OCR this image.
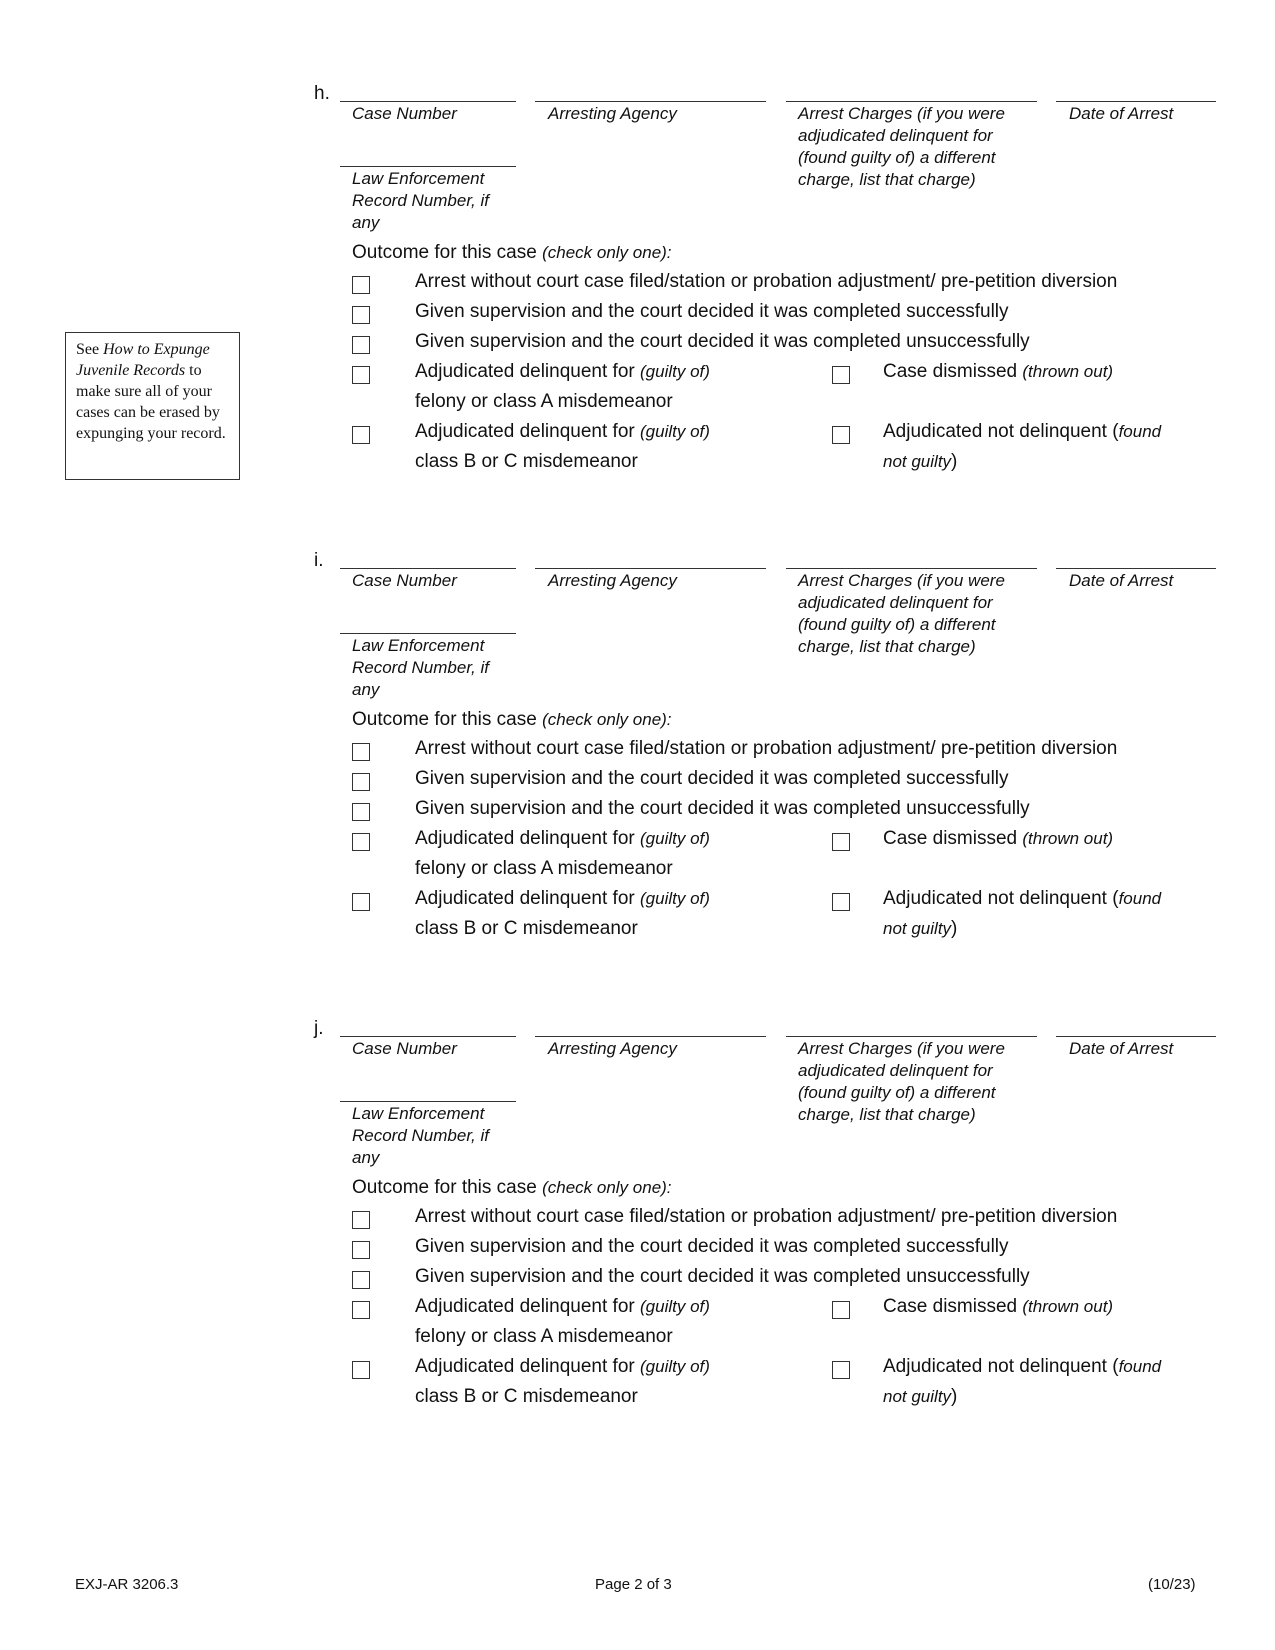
See How to Expunge Juvenile Records to make sure all of your cases can be erased by expunging your record.
h.
Case Number	Arresting Agency	Arrest Charges (if you were adjudicated delinquent for (found guilty of) a different charge, list that charge)
Date of Arrest
Law Enforcement Record Number, if any
Outcome for this case (check only one):
Arrest without court case filed/station or probation adjustment/ pre-petition diversion
Given supervision and the court decided it was completed successfully
Given supervision and the court decided it was completed unsuccessfully
Adjudicated delinquent for (guilty of)
felony or class A misdemeanor
Case dismissed (thrown out)
Adjudicated delinquent for (guilty of)
class B or C misdemeanor
Adjudicated not delinquent (found
not guilty)
i.
Case Number	Arresting Agency	Arrest Charges (if you were adjudicated delinquent for (found guilty of) a different charge, list that charge)
Date of Arrest
Law Enforcement Record Number, if any
Outcome for this case (check only one):
Arrest without court case filed/station or probation adjustment/ pre-petition diversion
Given supervision and the court decided it was completed successfully
Given supervision and the court decided it was completed unsuccessfully
Adjudicated delinquent for (guilty of)
felony or class A misdemeanor
Case dismissed (thrown out)
Adjudicated delinquent for (guilty of)
class B or C misdemeanor
Adjudicated not delinquent (found
not guilty)
j.
Case Number	Arresting Agency	Arrest Charges (if you were adjudicated delinquent for (found guilty of) a different charge, list that charge)
Date of Arrest
Law Enforcement Record Number, if any
Outcome for this case (check only one):
Arrest without court case filed/station or probation adjustment/ pre-petition diversion
Given supervision and the court decided it was completed successfully
Given supervision and the court decided it was completed unsuccessfully
Adjudicated delinquent for (guilty of)
felony or class A misdemeanor
Case dismissed (thrown out)
Adjudicated delinquent for (guilty of)
class B or C misdemeanor
Adjudicated not delinquent (found
not guilty)
EXJ-AR 3206.3	Page 2 of 3	(10/23)
